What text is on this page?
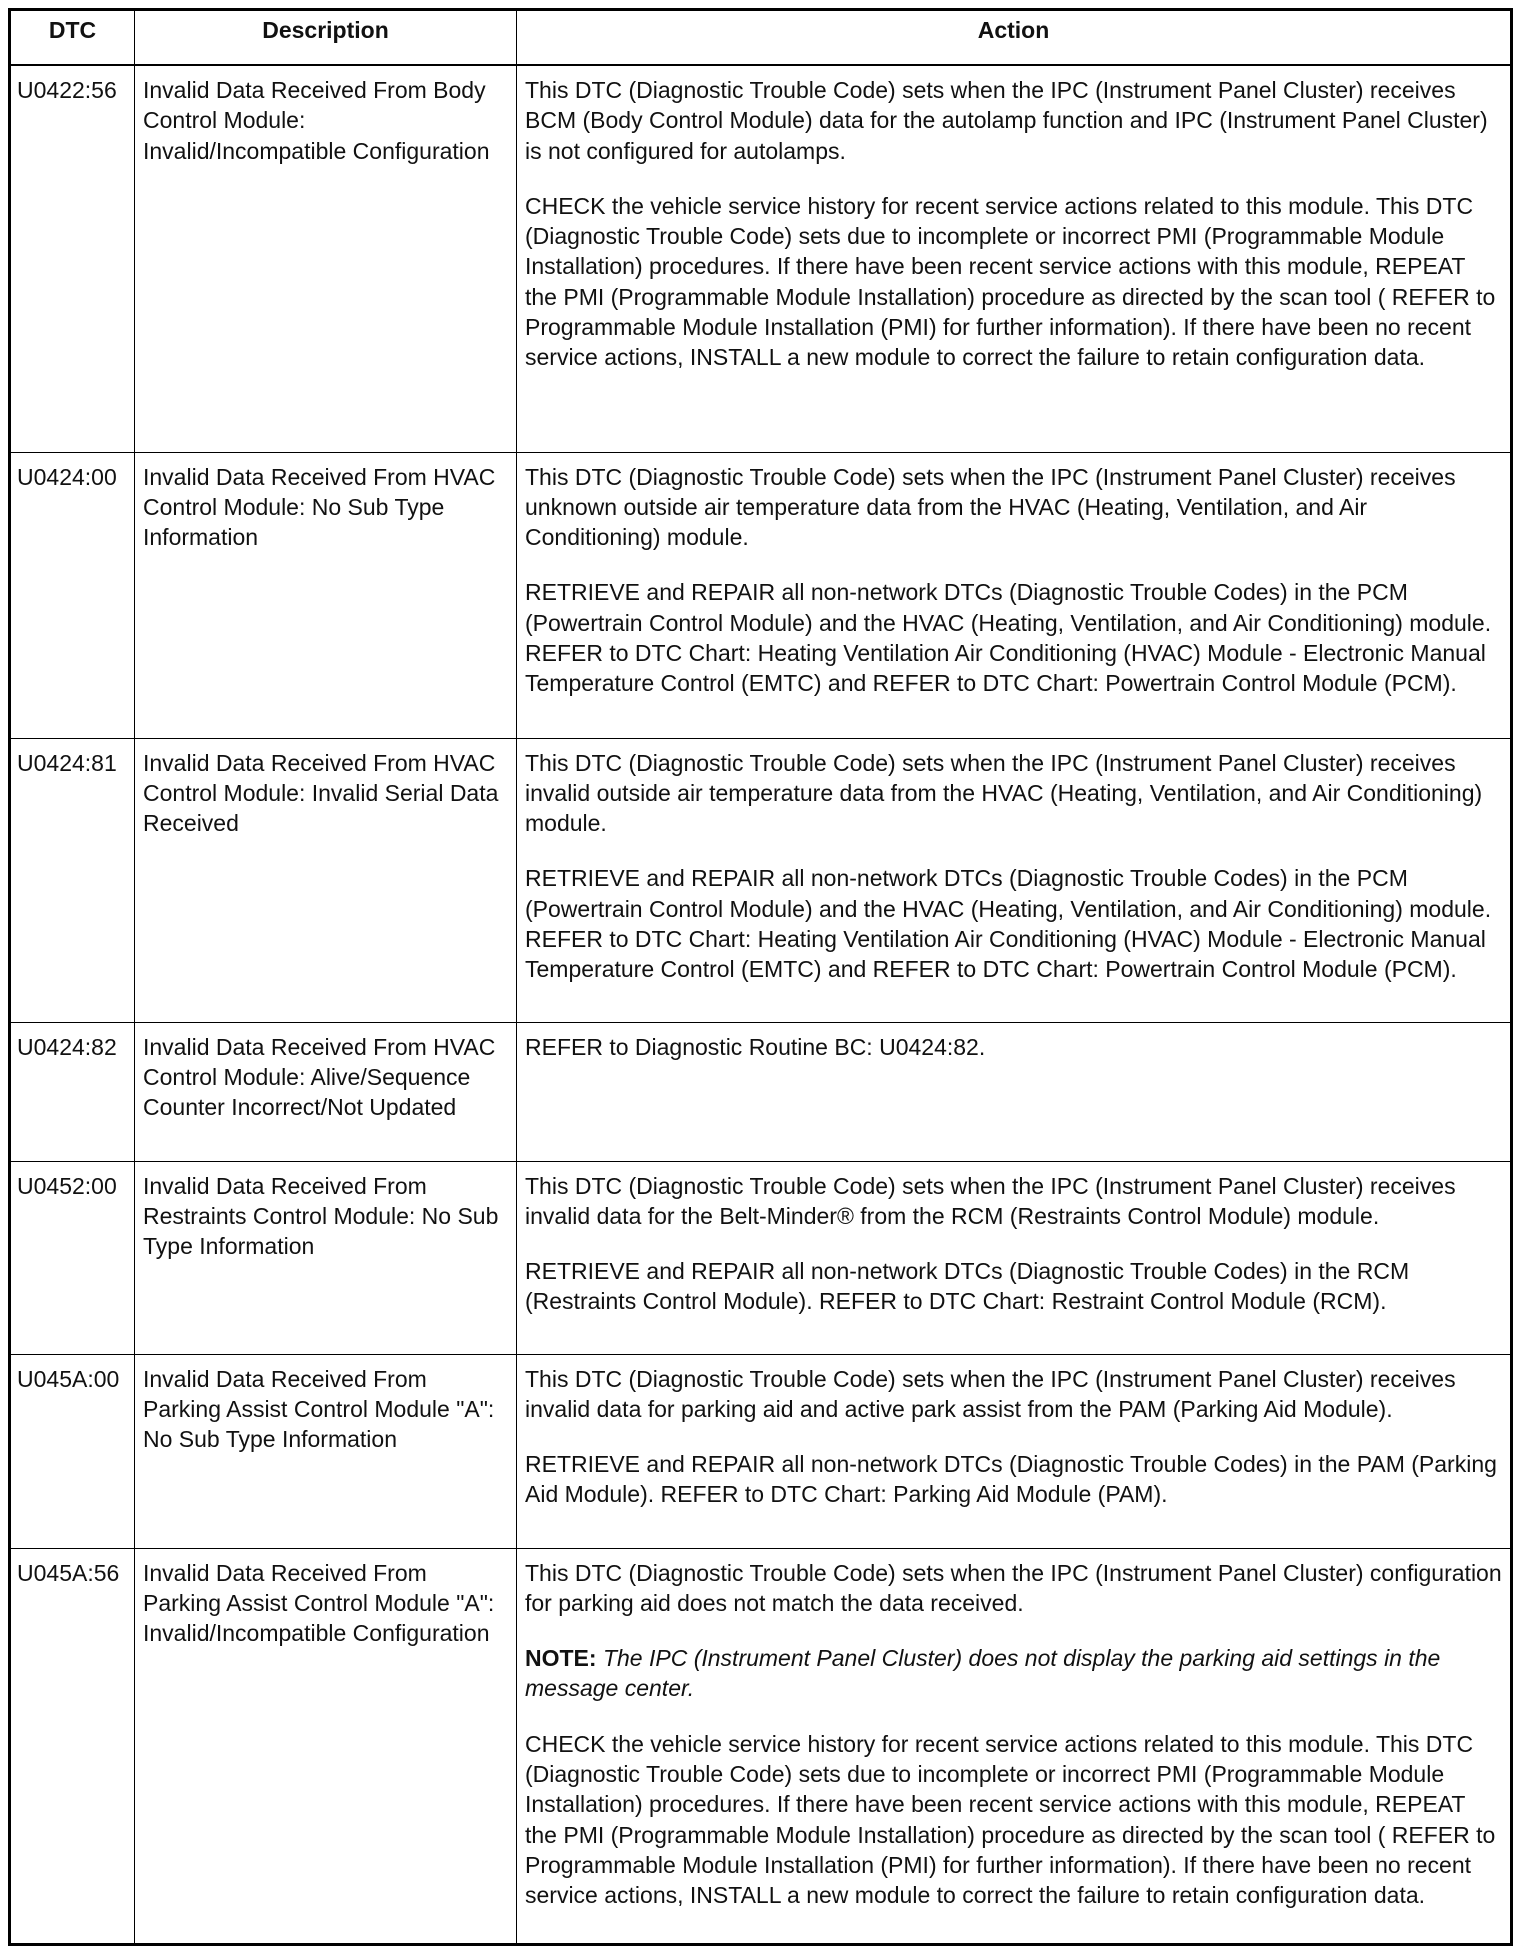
DTC	Description	Action
U0422:56	Invalid Data Received From Body Control Module: Invalid/Incompatible Configuration	This DTC (Diagnostic Trouble Code) sets when the IPC (Instrument Panel Cluster) receives BCM (Body Control Module) data for the autolamp function and IPC (Instrument Panel Cluster) is not configured for autolamps.

CHECK the vehicle service history for recent service actions related to this module. This DTC (Diagnostic Trouble Code) sets due to incomplete or incorrect PMI (Programmable Module Installation) procedures. If there have been recent service actions with this module, REPEAT the PMI (Programmable Module Installation) procedure as directed by the scan tool ( REFER to Programmable Module Installation (PMI) for further information). If there have been no recent service actions, INSTALL a new module to correct the failure to retain configuration data.

U0424:00	Invalid Data Received From HVAC Control Module: No Sub Type Information	This DTC (Diagnostic Trouble Code) sets when the IPC (Instrument Panel Cluster) receives unknown outside air temperature data from the HVAC (Heating, Ventilation, and Air Conditioning) module.

RETRIEVE and REPAIR all non-network DTCs (Diagnostic Trouble Codes) in the PCM (Powertrain Control Module) and the HVAC (Heating, Ventilation, and Air Conditioning) module. REFER to DTC Chart: Heating Ventilation Air Conditioning (HVAC) Module - Electronic Manual Temperature Control (EMTC) and REFER to DTC Chart: Powertrain Control Module (PCM).

U0424:81	Invalid Data Received From HVAC Control Module: Invalid Serial Data Received	This DTC (Diagnostic Trouble Code) sets when the IPC (Instrument Panel Cluster) receives invalid outside air temperature data from the HVAC (Heating, Ventilation, and Air Conditioning) module.

RETRIEVE and REPAIR all non-network DTCs (Diagnostic Trouble Codes) in the PCM (Powertrain Control Module) and the HVAC (Heating, Ventilation, and Air Conditioning) module. REFER to DTC Chart: Heating Ventilation Air Conditioning (HVAC) Module - Electronic Manual Temperature Control (EMTC) and REFER to DTC Chart: Powertrain Control Module (PCM).

U0424:82	Invalid Data Received From HVAC Control Module: Alive/Sequence Counter Incorrect/Not Updated	REFER to Diagnostic Routine BC: U0424:82.

U0452:00	Invalid Data Received From Restraints Control Module: No Sub Type Information	This DTC (Diagnostic Trouble Code) sets when the IPC (Instrument Panel Cluster) receives invalid data for the Belt-Minder® from the RCM (Restraints Control Module) module.

RETRIEVE and REPAIR all non-network DTCs (Diagnostic Trouble Codes) in the RCM (Restraints Control Module). REFER to DTC Chart: Restraint Control Module (RCM).

U045A:00	Invalid Data Received From Parking Assist Control Module "A": No Sub Type Information	This DTC (Diagnostic Trouble Code) sets when the IPC (Instrument Panel Cluster) receives invalid data for parking aid and active park assist from the PAM (Parking Aid Module).

RETRIEVE and REPAIR all non-network DTCs (Diagnostic Trouble Codes) in the PAM (Parking Aid Module). REFER to DTC Chart: Parking Aid Module (PAM).

U045A:56	Invalid Data Received From Parking Assist Control Module "A": Invalid/Incompatible Configuration	This DTC (Diagnostic Trouble Code) sets when the IPC (Instrument Panel Cluster) configuration for parking aid does not match the data received.

NOTE: The IPC (Instrument Panel Cluster) does not display the parking aid settings in the message center.

CHECK the vehicle service history for recent service actions related to this module. This DTC (Diagnostic Trouble Code) sets due to incomplete or incorrect PMI (Programmable Module Installation) procedures. If there have been recent service actions with this module, REPEAT the PMI (Programmable Module Installation) procedure as directed by the scan tool ( REFER to Programmable Module Installation (PMI) for further information). If there have been no recent service actions, INSTALL a new module to correct the failure to retain configuration data.
